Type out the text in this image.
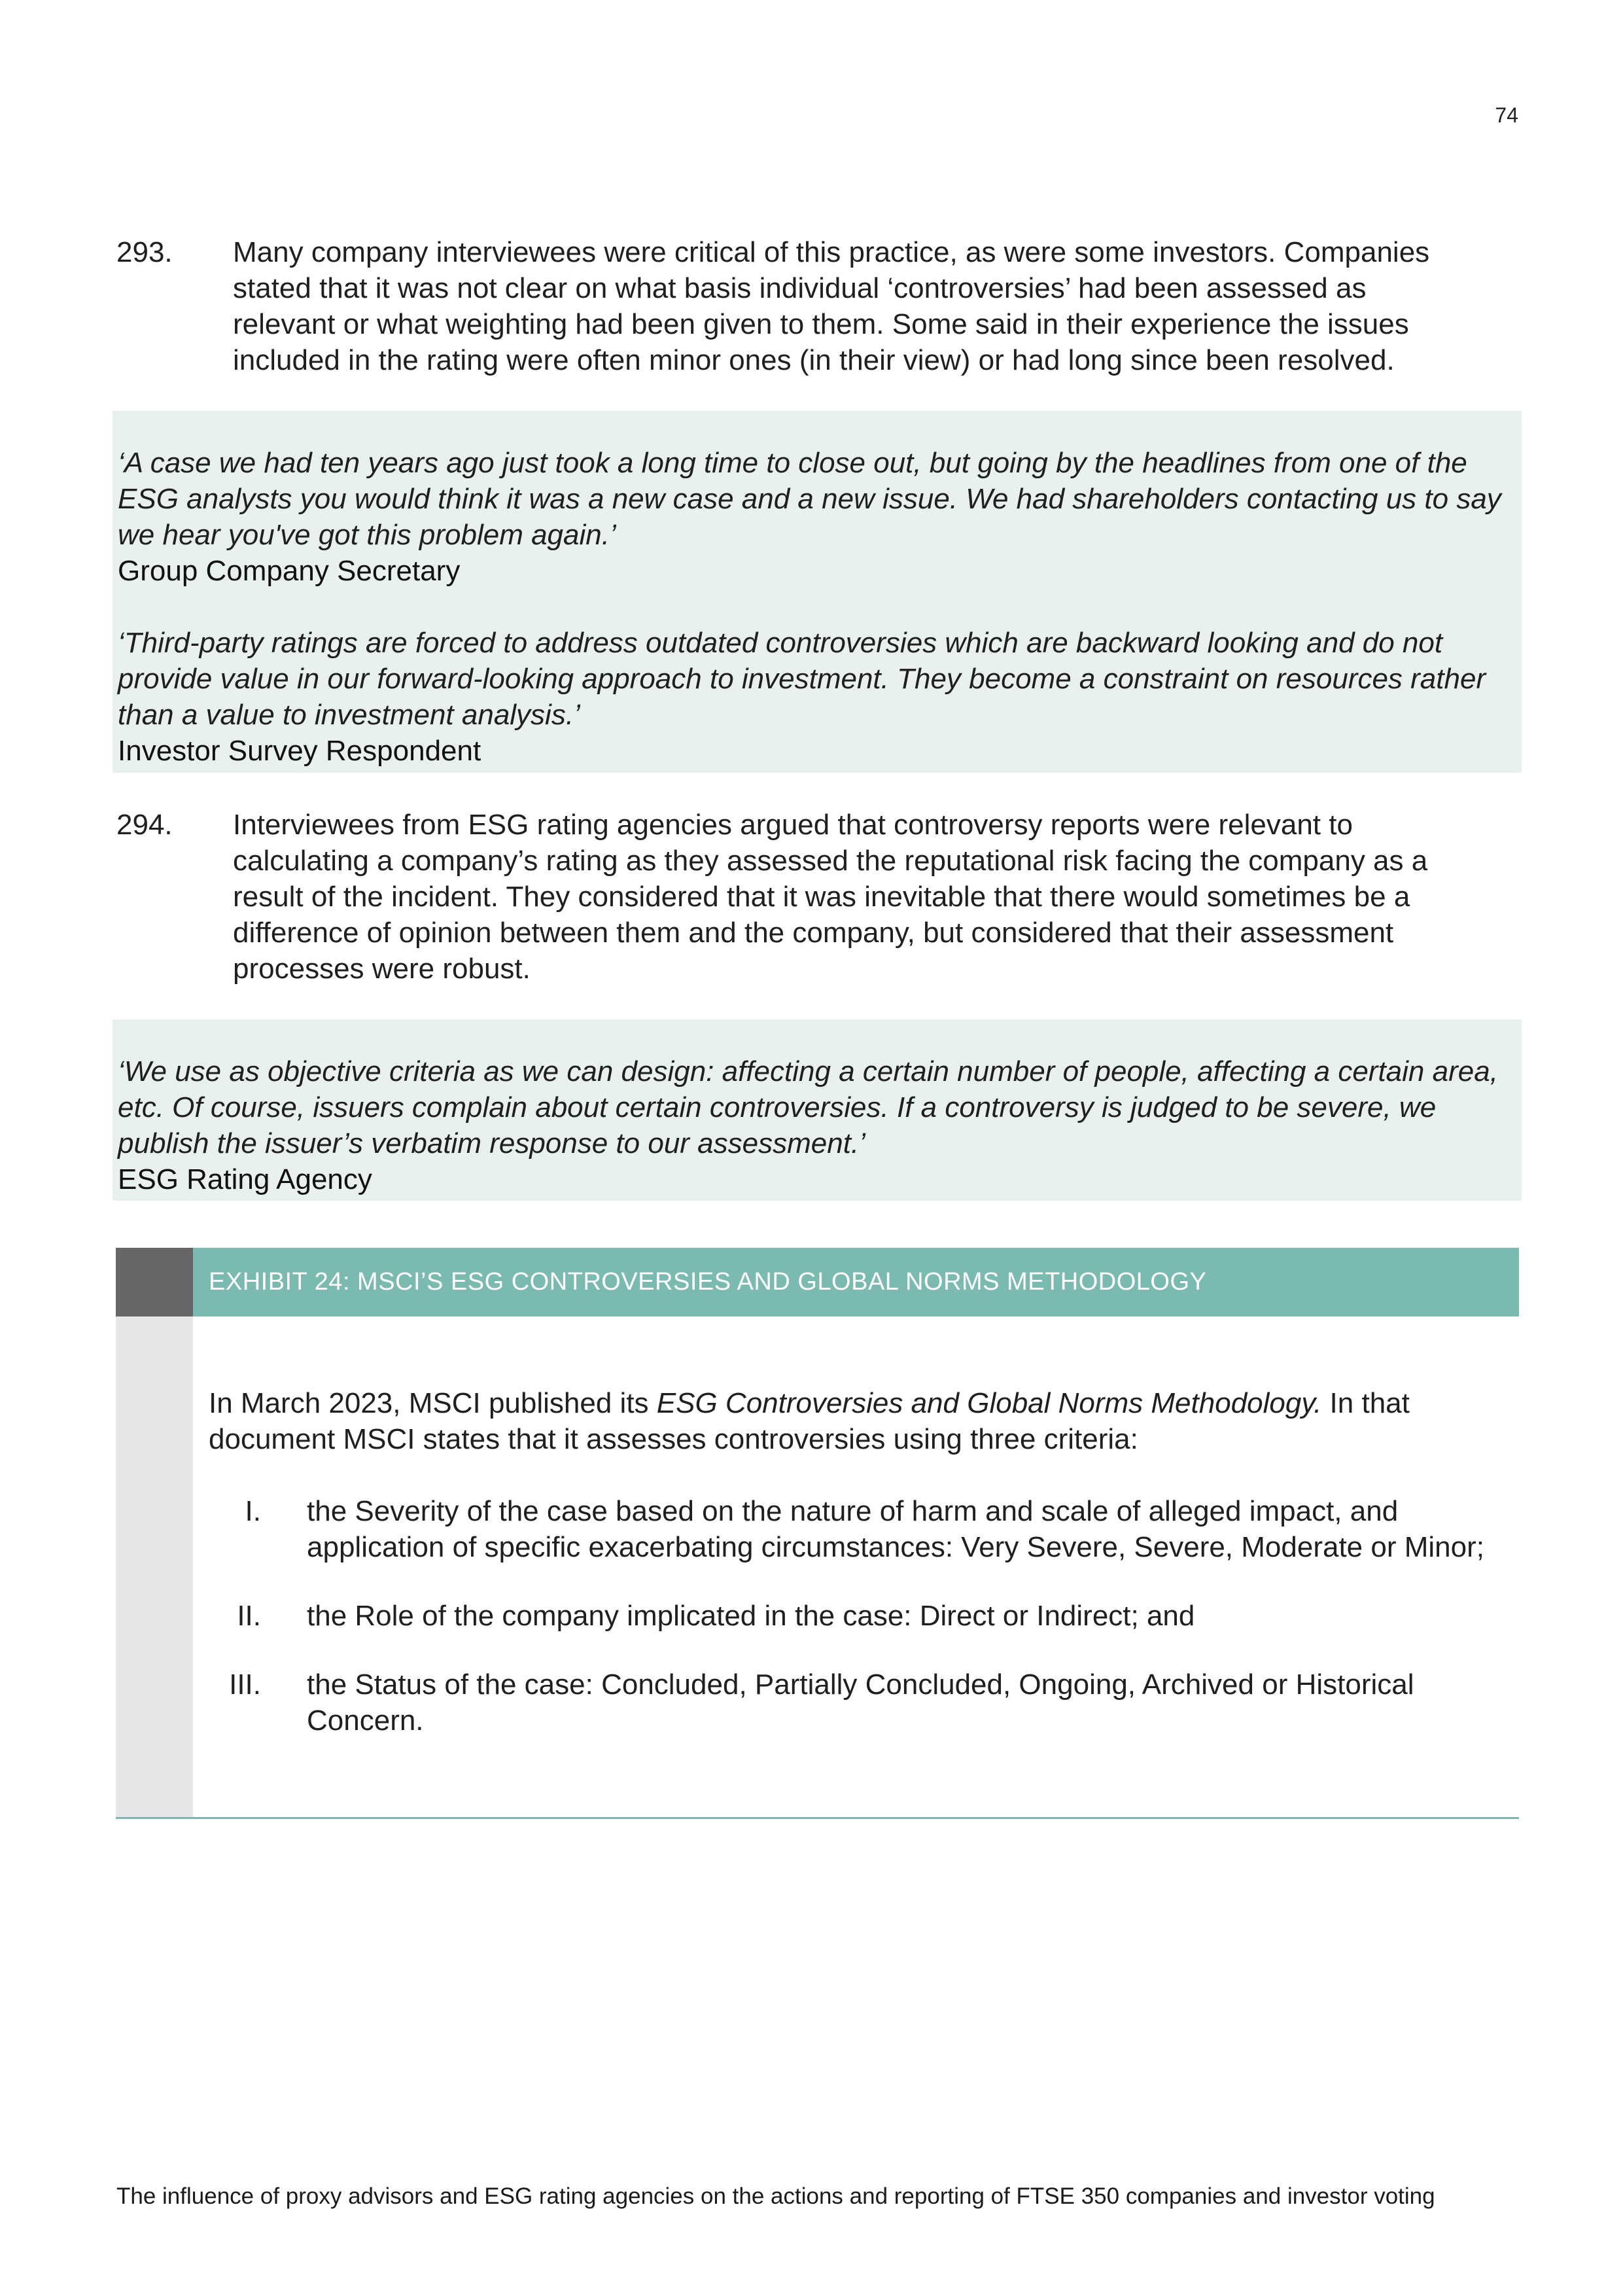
74
293. Many company interviewees were critical of this practice, as were some investors. Companies stated that it was not clear on what basis individual ‘controversies’ had been assessed as relevant or what weighting had been given to them. Some said in their experience the issues included in the rating were often minor ones (in their view) or had long since been resolved.
‘A case we had ten years ago just took a long time to close out, but going by the headlines from one of the ESG analysts you would think it was a new case and a new issue. We had shareholders contacting us to say we hear you've got this problem again.’
Group Company Secretary
‘Third-party ratings are forced to address outdated controversies which are backward looking and do not provide value in our forward-looking approach to investment. They become a constraint on resources rather than a value to investment analysis.’
Investor Survey Respondent
294. Interviewees from ESG rating agencies argued that controversy reports were relevant to calculating a company’s rating as they assessed the reputational risk facing the company as a result of the incident. They considered that it was inevitable that there would sometimes be a difference of opinion between them and the company, but considered that their assessment processes were robust.
‘We use as objective criteria as we can design: affecting a certain number of people, affecting a certain area, etc. Of course, issuers complain about certain controversies. If a controversy is judged to be severe, we publish the issuer’s verbatim response to our assessment.’
ESG Rating Agency
EXHIBIT 24: MSCI’S ESG CONTROVERSIES AND GLOBAL NORMS METHODOLOGY
In March 2023, MSCI published its ESG Controversies and Global Norms Methodology. In that document MSCI states that it assesses controversies using three criteria:
I. the Severity of the case based on the nature of harm and scale of alleged impact, and application of specific exacerbating circumstances: Very Severe, Severe, Moderate or Minor;
II. the Role of the company implicated in the case: Direct or Indirect; and
III. the Status of the case: Concluded, Partially Concluded, Ongoing, Archived or Historical Concern.
The influence of proxy advisors and ESG rating agencies on the actions and reporting of FTSE 350 companies and investor voting
